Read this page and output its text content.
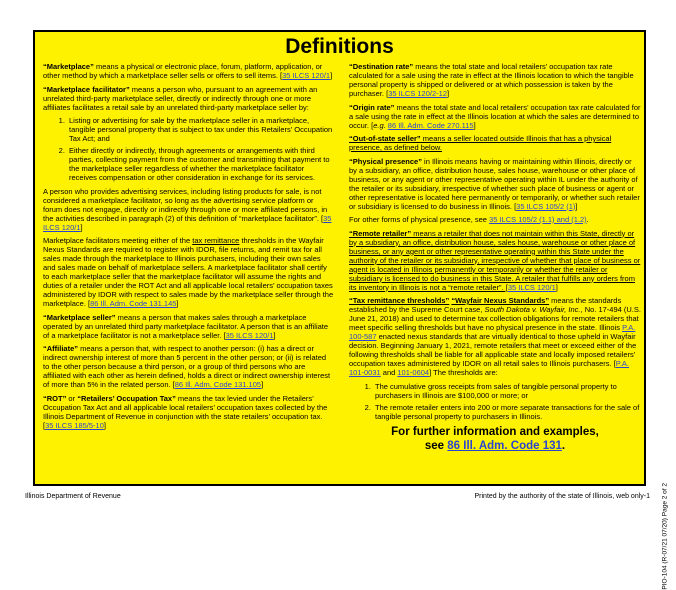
Definitions

“Marketplace” means a physical or electronic place, forum, platform, application, or other method by which a marketplace seller sells or offers to sell items. [35 ILCS 120/1]

“Marketplace facilitator” means a person who, pursuant to an agreement with an unrelated third-party marketplace seller, directly or indirectly through one or more affiliates facilitates a retail sale by an unrelated third-party marketplace seller by:

1. Listing or advertising for sale by the marketplace seller in a marketplace, tangible personal property that is subject to tax under this Retailers’ Occupation Tax Act; and
2. Either directly or indirectly, through agreements or arrangements with third parties, collecting payment from the customer and transmitting that payment to the marketplace seller regardless of whether the marketplace facilitator receives compensation or other consideration in exchange for its services.

A person who provides advertising services, including listing products for sale, is not considered a marketplace facilitator, so long as the advertising service platform or forum does not engage, directly or indirectly through one or more affiliated persons, in the activities described in paragraph (2) of this definition of “marketplace facilitator”. [35 ILCS 120/1]

Marketplace facilitators meeting either of the tax remittance thresholds in the Wayfair Nexus Standards are required to register with IDOR, file returns, and remit tax for all sales made through the marketplace to Illinois purchasers, including their own sales and sales made on behalf of marketplace sellers. A marketplace facilitator shall certify to each marketplace seller that the marketplace facilitator will assume the rights and duties of a retailer under the ROT Act and all applicable local retailers’ occupation taxes administered by IDOR with respect to sales made by the marketplace seller through the marketplace. [86 Ill. Adm. Code 131.145]

“Marketplace seller” means a person that makes sales through a marketplace operated by an unrelated third party marketplace facilitator. A person that is an affiliate of a marketplace facilitator is not a marketplace seller. [35 ILCS 120/1]

“Affiliate” means a person that, with respect to another person: (i) has a direct or indirect ownership interest of more than 5 percent in the other person; or (ii) is related to the other person because a third person, or a group of third persons who are affiliated with each other as herein defined, holds a direct or indirect ownership interest of more than 5% in the related person. [86 Ill. Adm. Code 131.105]

“ROT” or “Retailers’ Occupation Tax” means the tax levied under the Retailers’ Occupation Tax Act and all applicable local retailers’ occupation taxes collected by the Illinois Department of Revenue in conjunction with the state retailers’ occupation tax. [35 ILCS 185/5-10]

“Destination rate” means the total state and local retailers’ occupation tax rate calculated for a sale using the rate in effect at the Illinois location to which the tangible personal property is shipped or delivered or at which possession is taken by the purchaser. [35 ILCS 120/2-12]

“Origin rate” means the total state and local retailers’ occupation tax rate calculated for a sale using the rate in effect at the Illinois location at which the sales are determined to occur. [e.g. 86 Ill. Adm. Code 270.115]

“Out-of-state seller” means a seller located outside Illinois that has a physical presence, as defined below.

“Physical presence” in Illinois means having or maintaining within Illinois, directly or by a subsidiary, an office, distribution house, sales house, warehouse or other place of business, or any agent or other representative operating within IL under the authority of the retailer or its subsidiary, irrespective of whether such place of business or agent or other representative is located here permanently or temporarily, or whether such retailer or subsidiary is licensed to do business in Illinois. [35 ILCS 105/2 (1)]

For other forms of physical presence, see 35 ILCS 105/2 (1.1) and (1.2).

“Remote retailer” means a retailer that does not maintain within this State, directly or by a subsidiary, an office, distribution house, sales house, warehouse or other place of business, or any agent or other representative operating within this State under the authority of the retailer or its subsidiary, irrespective of whether that place of business or agent is located in Illinois permanently or temporarily or whether the retailer or subsidiary is licensed to do business in this State. A retailer that fulfills any orders from its inventory in Illinois is not a “remote retailer”. [35 ILCS 120/1]

“Tax remittance thresholds” “Wayfair Nexus Standards” means the standards established by the Supreme Court case, South Dakota v. Wayfair, Inc., No. 17-494 (U.S. June 21, 2018) and used to determine tax collection obligations for remote retailers that meet specific selling thresholds but have no physical presence in the state. Illinois P.A. 100-587 enacted nexus standards that are virtually identical to those upheld in Wayfair decision. Beginning January 1, 2021, remote retailers that meet or exceed either of the following thresholds shall be liable for all applicable state and locally imposed retailers’ occupation taxes administered by IDOR on all retail sales to Illinois purchasers. [P.A. 101-0031 and 101-0604] The thresholds are:

1. The cumulative gross receipts from sales of tangible personal property to purchasers in Illinois are $100,000 or more; or
2. The remote retailer enters into 200 or more separate transactions for the sale of tangible personal property to purchasers in Illinois.
For further information and examples,
see 86 Ill. Adm. Code 131.
Illinois Department of Revenue	Printed by the authority of the state of Illinois, web only-1 PIO-104 (R-07/21 07/20) Page 2 of 2
